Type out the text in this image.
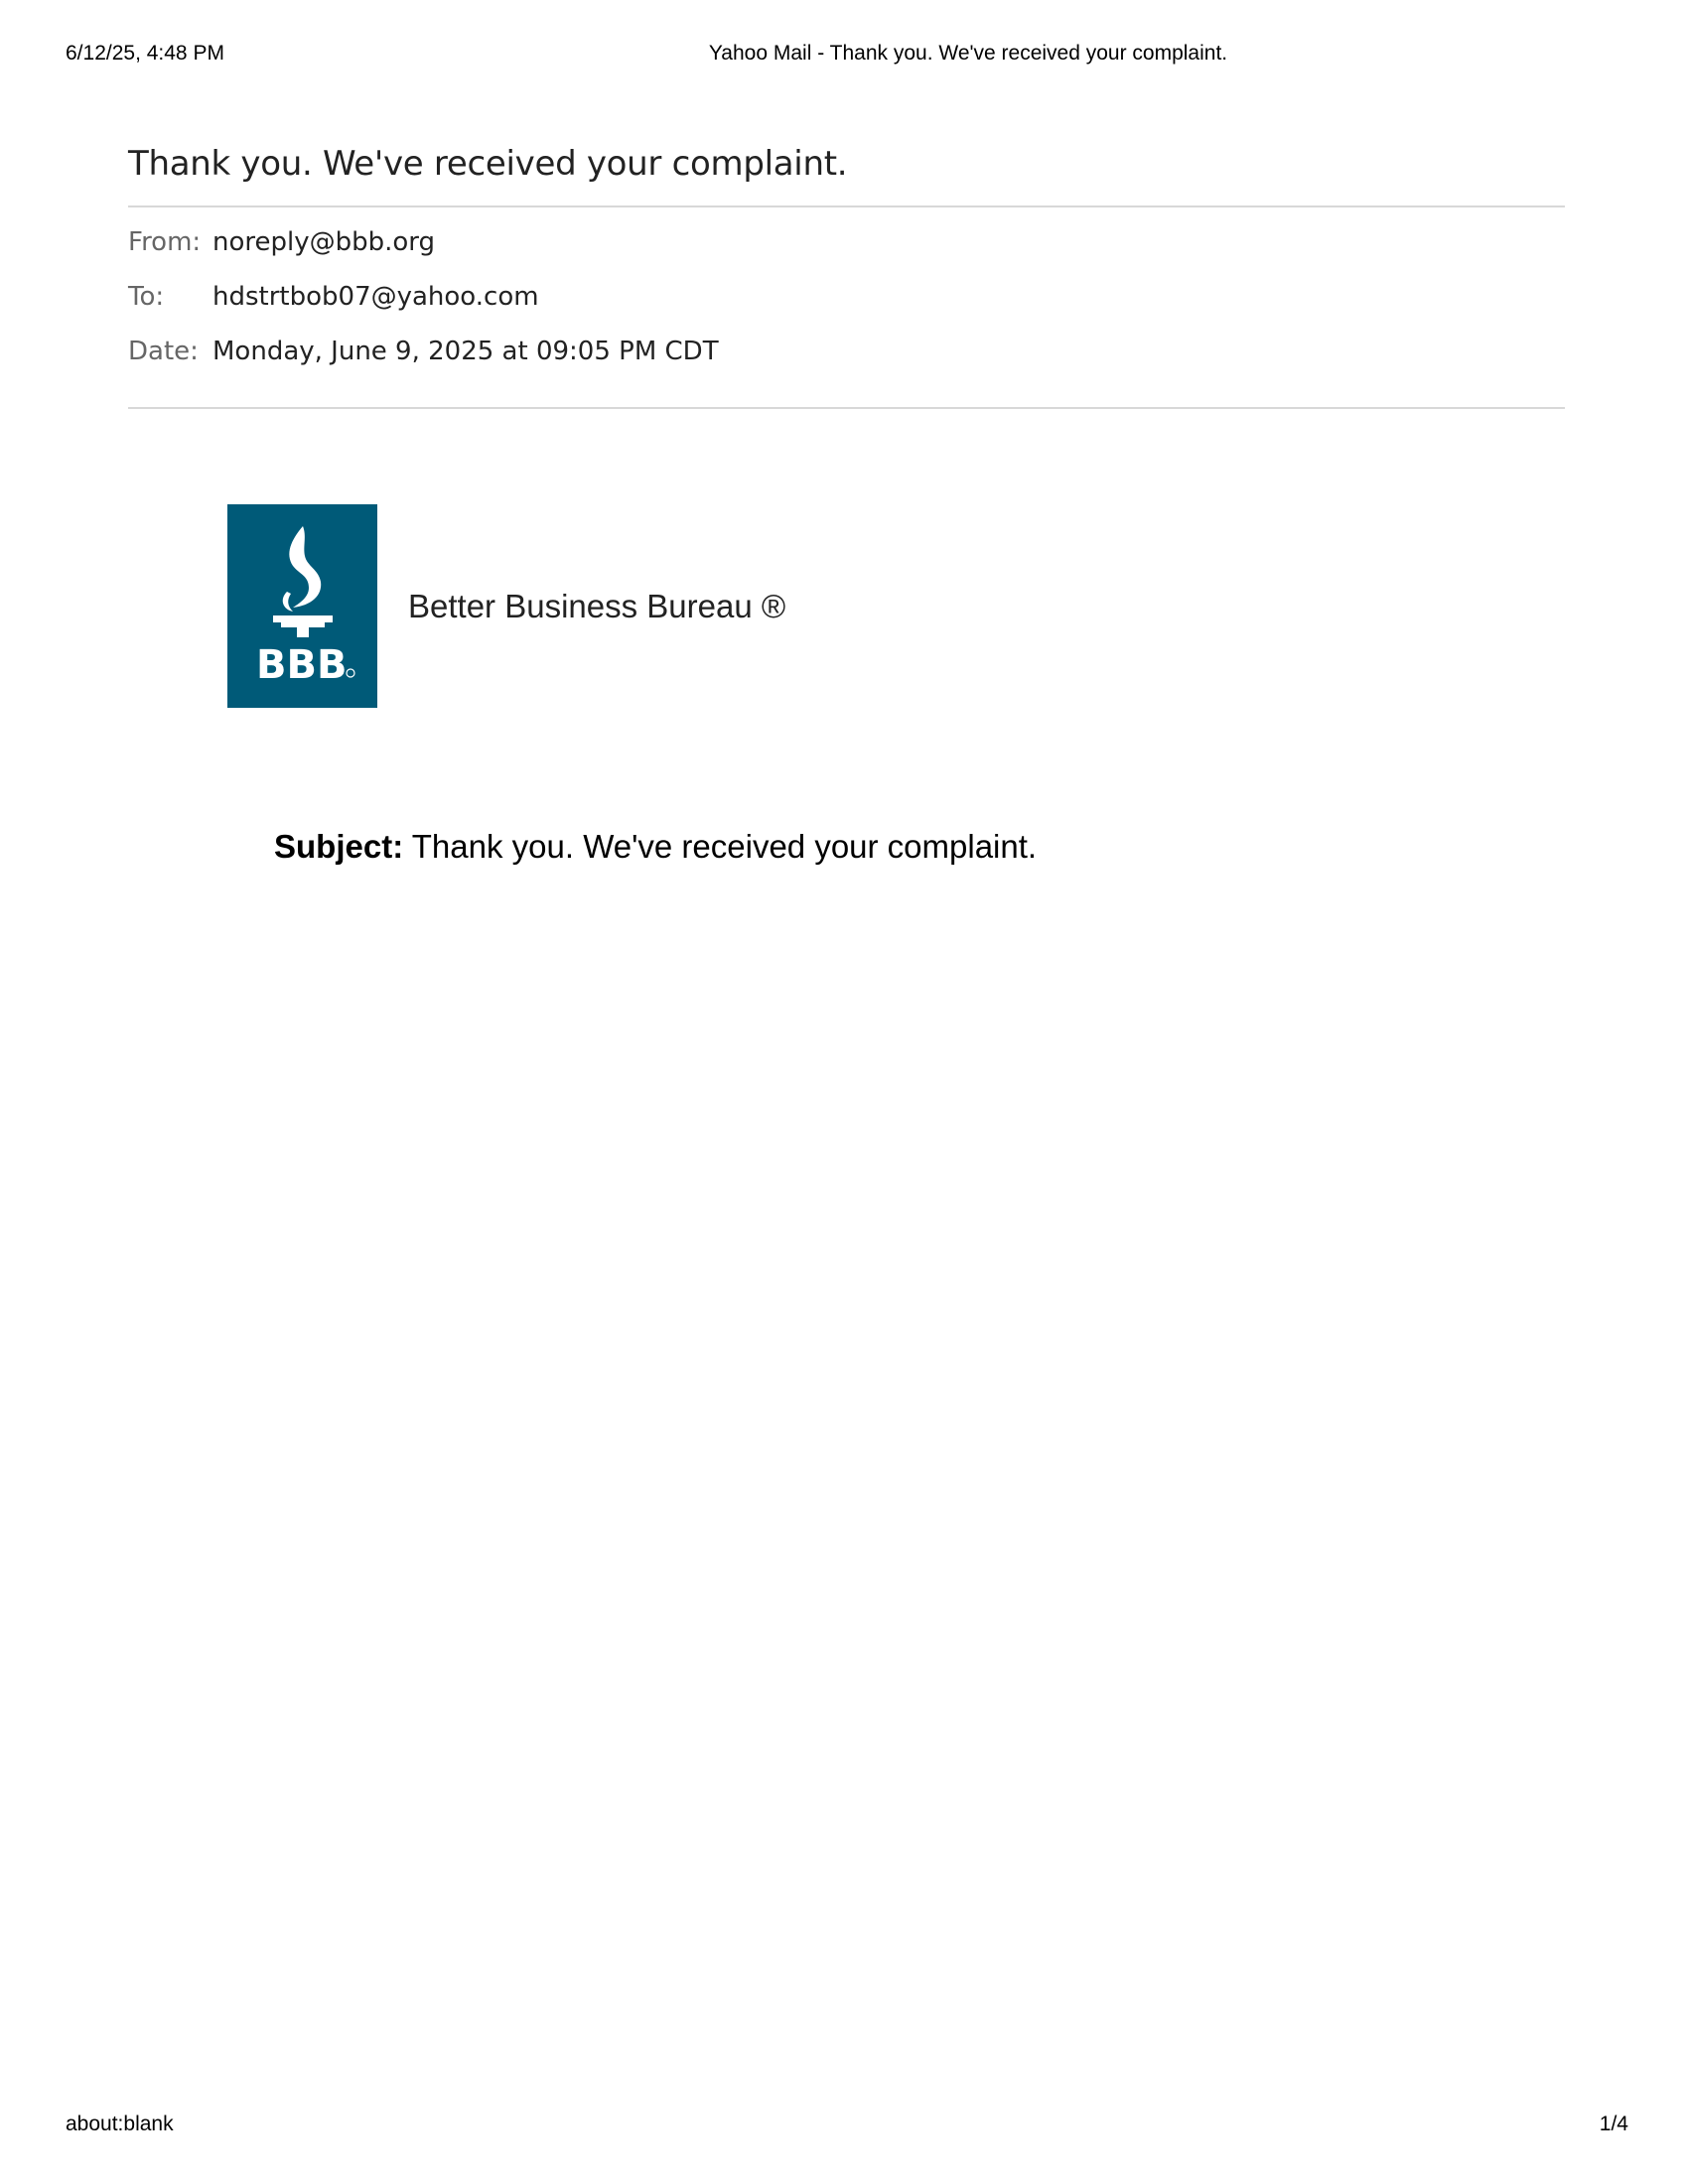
6/12/25, 4:48 PM	Yahoo Mail - Thank you. We've received your complaint.
Thank you. We've received your complaint.
From: noreply@bbb.org
To:	hdstrtbob07@yahoo.com
Date: Monday, June 9, 2025 at 09:05 PM CDT
BBB
Better Business Bureau ®
Subject: Thank you. We've received your complaint.
about:blank	1/4
